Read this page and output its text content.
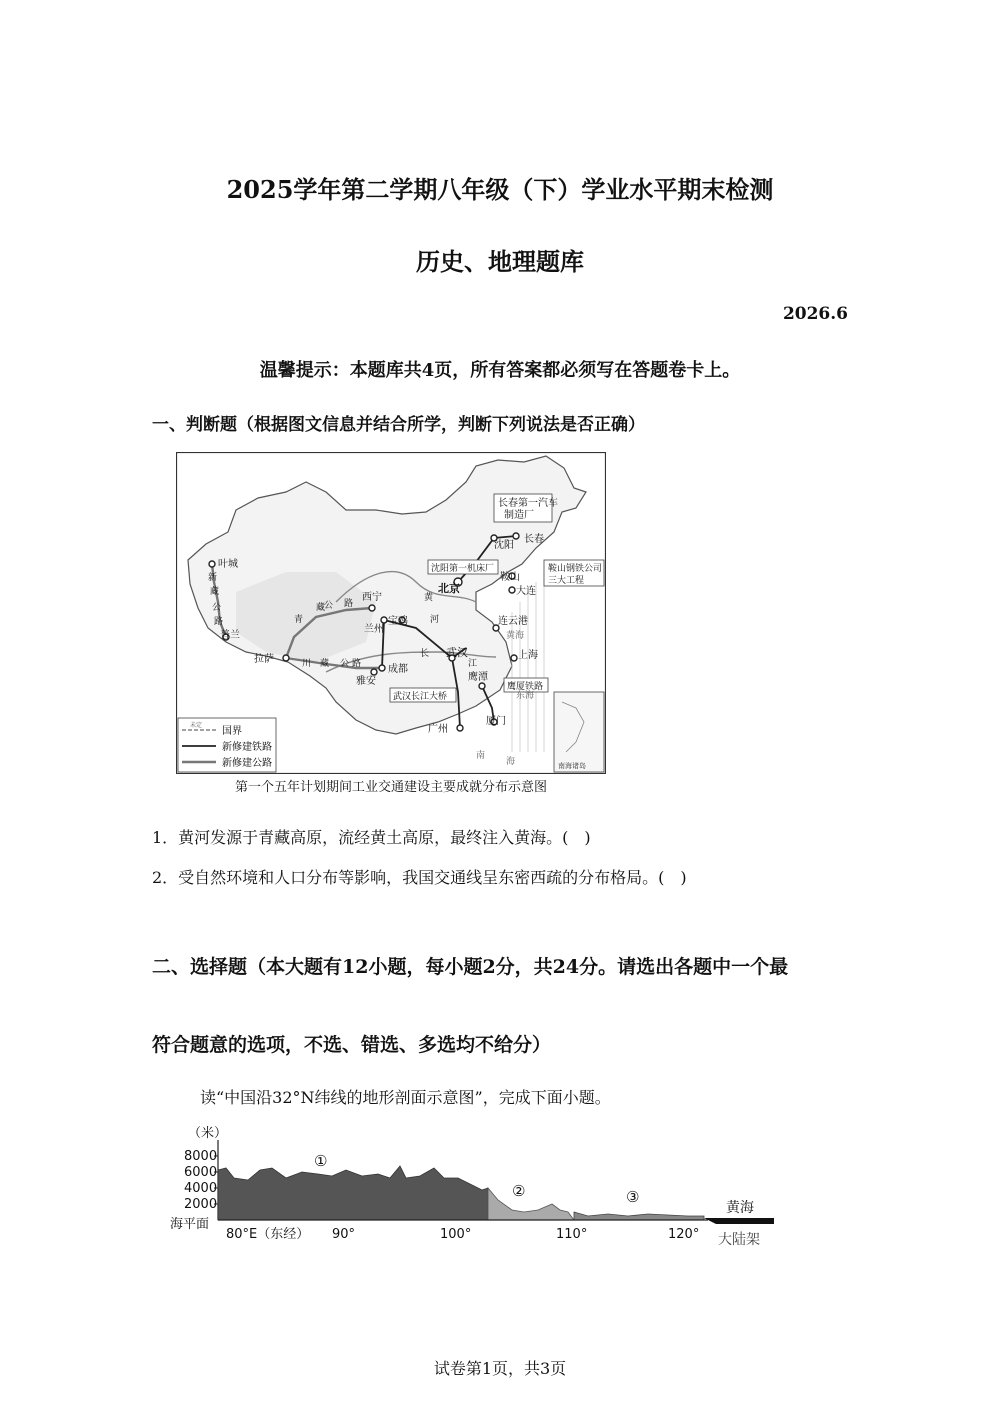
2025学年第二学期八年级（下）学业水平期末检测
历史、地理题库
2026.6
温馨提示：本题库共4页，所有答案都必须写在答题卷卡上。
一、判断题（根据图文信息并结合所学，判断下列说法是否正确）
长春第一汽车
制造厂
沈阳
长春
沈阳第一机床厂	鞍山钢铁公司
三大工程
鞍山
北京	大连
叶城
新
藏
公
路
普兰
西宁
兰州
宝鸡
青
藏
公 路
黄
河	连云港
黄海
拉萨	川 藏 公 路	成都
雅安
武汉
长
江
上海
鹰潭
武汉长江大桥
鹰厦铁路
厦门
广州
东海
南
海	南海诸岛
未定
国界
新修建铁路
新修建公路
第一个五年计划期间工业交通建设主要成就分布示意图
1．黄河发源于青藏高原，流经黄土高原，最终注入黄海。(　)
2．受自然环境和人口分布等影响，我国交通线呈东密西疏的分布格局。(　)
二、选择题（本大题有12小题，每小题2分，共24分。请选出各题中一个最
符合题意的选项，不选、错选、多选均不给分）
读“中国沿32°N纬线的地形剖面示意图”，完成下面小题。
（米）
8000
6000
4000
2000
海平面
①
②	③
黄海
大陆架
80°E（东经） 90°	100°	110°	120°
试卷第1页，共3页
